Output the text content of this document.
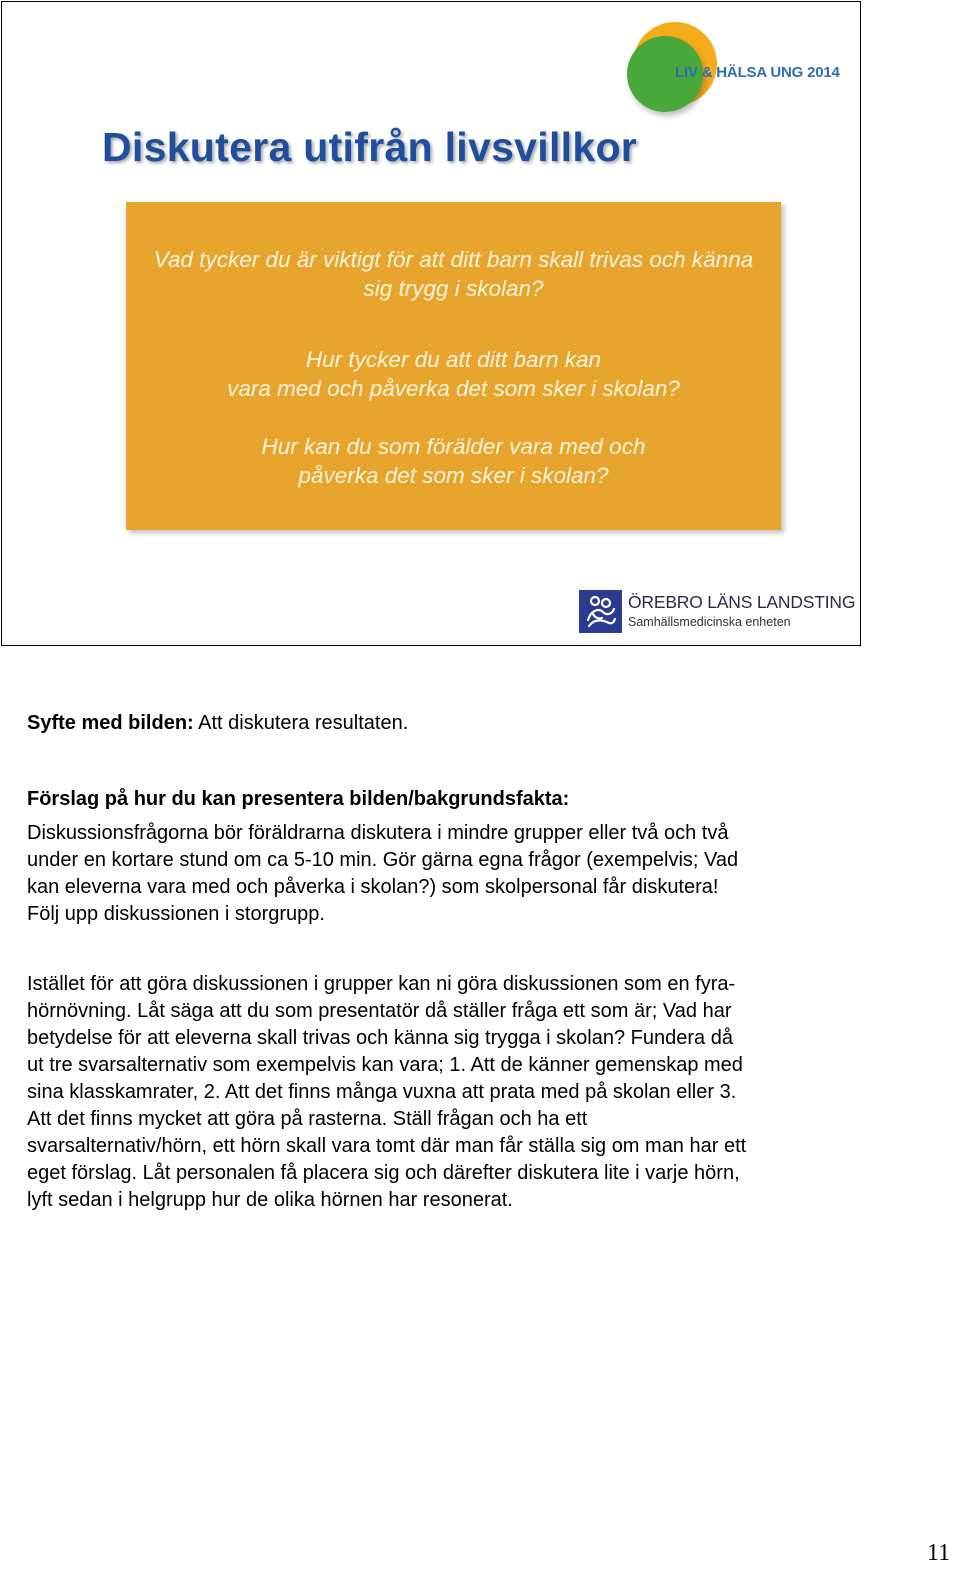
LIV & HÄLSA UNG 2014
Diskutera utifrån livsvillkor
Vad tycker du är viktigt för att ditt barn skall trivas och känna
sig trygg i skolan?
Hur tycker du att ditt barn kan
vara med och påverka det som sker i skolan?
Hur kan du som förälder vara med och
påverka det som sker i skolan?
ÖREBRO LÄNS LANDSTING
Samhällsmedicinska enheten

Syfte med bilden: Att diskutera resultaten.

Förslag på hur du kan presentera bilden/bakgrundsfakta:

Diskussionsfrågorna bör föräldrarna diskutera i mindre grupper eller två och två
under en kortare stund om ca 5-10 min. Gör gärna egna frågor (exempelvis; Vad
kan eleverna vara med och påverka i skolan?) som skolpersonal får diskutera!
Följ upp diskussionen i storgrupp.

Istället för att göra diskussionen i grupper kan ni göra diskussionen som en fyra-
hörnövning. Låt säga att du som presentatör då ställer fråga ett som är; Vad har
betydelse för att eleverna skall trivas och känna sig trygga i skolan? Fundera då
ut tre svarsalternativ som exempelvis kan vara; 1. Att de känner gemenskap med
sina klasskamrater, 2. Att det finns många vuxna att prata med på skolan eller 3.
Att det finns mycket att göra på rasterna. Ställ frågan och ha ett
svarsalternativ/hörn, ett hörn skall vara tomt där man får ställa sig om man har ett
eget förslag. Låt personalen få placera sig och därefter diskutera lite i varje hörn,
lyft sedan i helgrupp hur de olika hörnen har resonerat.

11
